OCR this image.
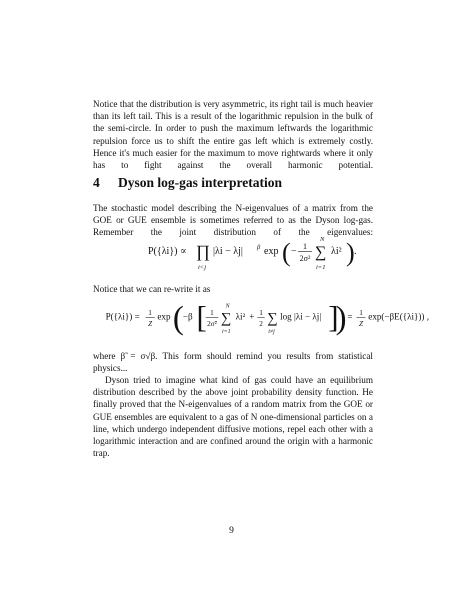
Notice that the distribution is very asymmetric, its right tail is much heavier than its left tail. This is a result of the logarithmic repulsion in the bulk of the semi-circle. In order to push the maximum leftwards the logarithmic repulsion force us to shift the entire gas left which is extremely costly. Hence it's much easier for the maximum to move rightwards where it only has to fight against the overall harmonic potential.

4 Dyson log-gas interpretation

The stochastic model describing the N-eigenvalues of a matrix from the GOE or GUE ensemble is sometimes referred to as the Dyson log-gas. Remember the joint distribution of the eigenvalues:

P({λi}) ∝ ∏
i<j
|λi − λj| β exp ( − 1
2σ² ∑
N
i=1
λi² ) .

Notice that we can re-write it as

P({λi}) = 1
Z
exp ( −β [ 1
2σ̃² ∑
N
i=1
λi² + 1
2 ∑
i≠j
log |λi − λj| ]
) = 1
Z
exp(−βE({λi})) ,

where β̃ = σ√β. This form should remind you results from statistical physics...

Dyson tried to imagine what kind of gas could have an equilibrium distribution described by the above joint probability density function. He finally proved that the N-eigenvalues of a random matrix from the GOE or GUE ensembles are equivalent to a gas of N one-dimensional particles on a line, which undergo independent diffusive motions, repel each other with a logarithmic interaction and are confined around the origin with a harmonic trap.

9
